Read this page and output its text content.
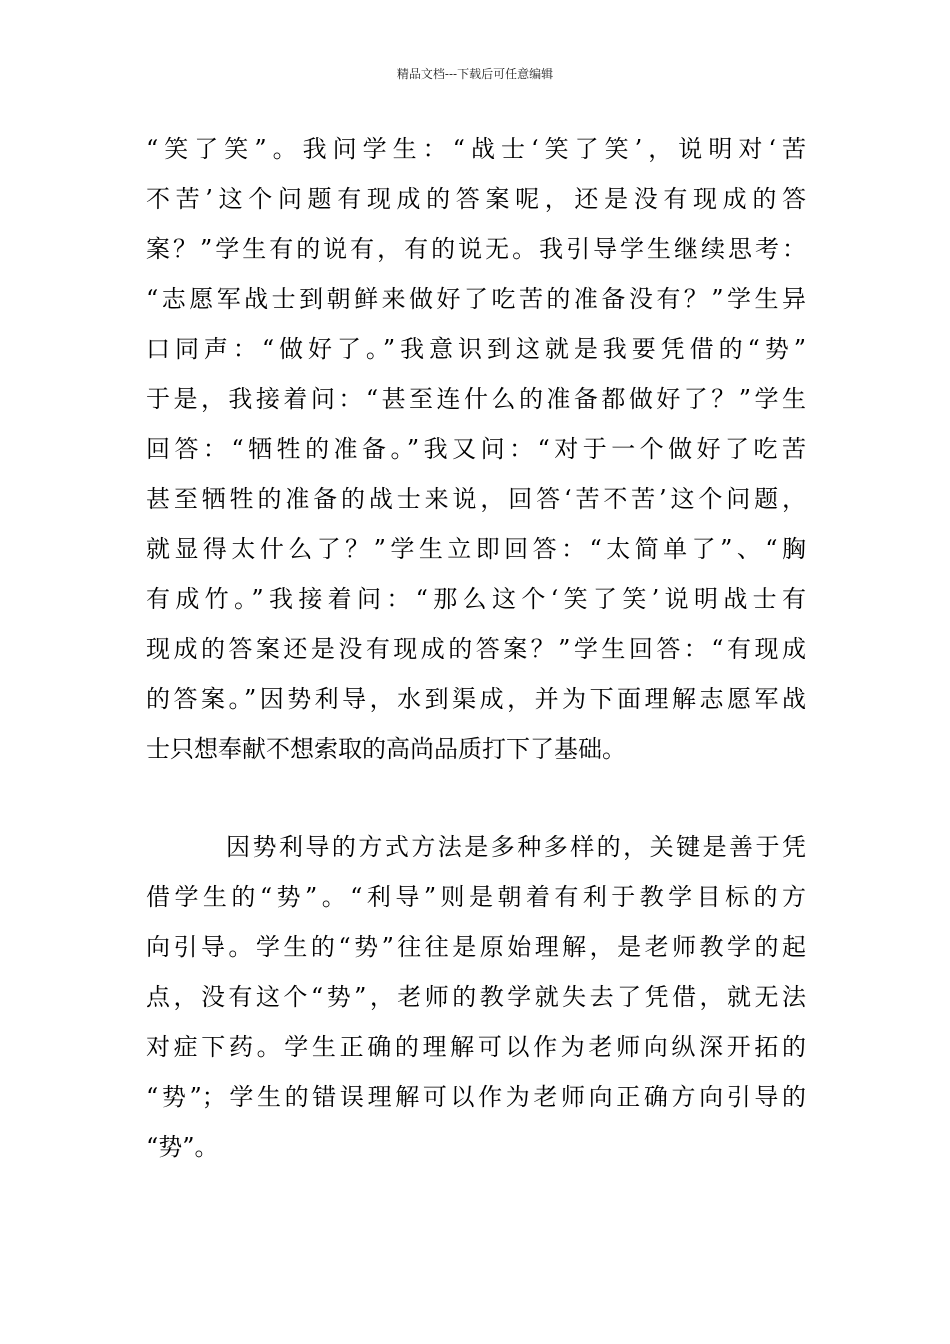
精品文档---下载后可任意编辑
“笑了笑”。我问学生：“战士‘笑了笑’，说明对‘苦
不苦’这个问题有现成的答案呢，还是没有现成的答
案？”学生有的说有，有的说无。我引导学生继续思考：
“志愿军战士到朝鲜来做好了吃苦的准备没有？”学生异
口同声：“做好了。”我意识到这就是我要凭借的“势”
于是，我接着问：“甚至连什么的准备都做好了？”学生
回答：“牺牲的准备。”我又问：“对于一个做好了吃苦
甚至牺牲的准备的战士来说，回答‘苦不苦’这个问题，
就显得太什么了？”学生立即回答：“太简单了”、“胸
有成竹。”我接着问：“那么这个‘笑了笑’说明战士有
现成的答案还是没有现成的答案？”学生回答：“有现成
的答案。”因势利导，水到渠成，并为下面理解志愿军战
士只想奉献不想索取的高尚品质打下了基础。
因势利导的方式方法是多种多样的，关键是善于凭
借学生的“势”。“利导”则是朝着有利于教学目标的方
向引导。学生的“势”往往是原始理解，是老师教学的起
点，没有这个“势”，老师的教学就失去了凭借，就无法
对症下药。学生正确的理解可以作为老师向纵深开拓的
“势”；学生的错误理解可以作为老师向正确方向引导的
“势”。
